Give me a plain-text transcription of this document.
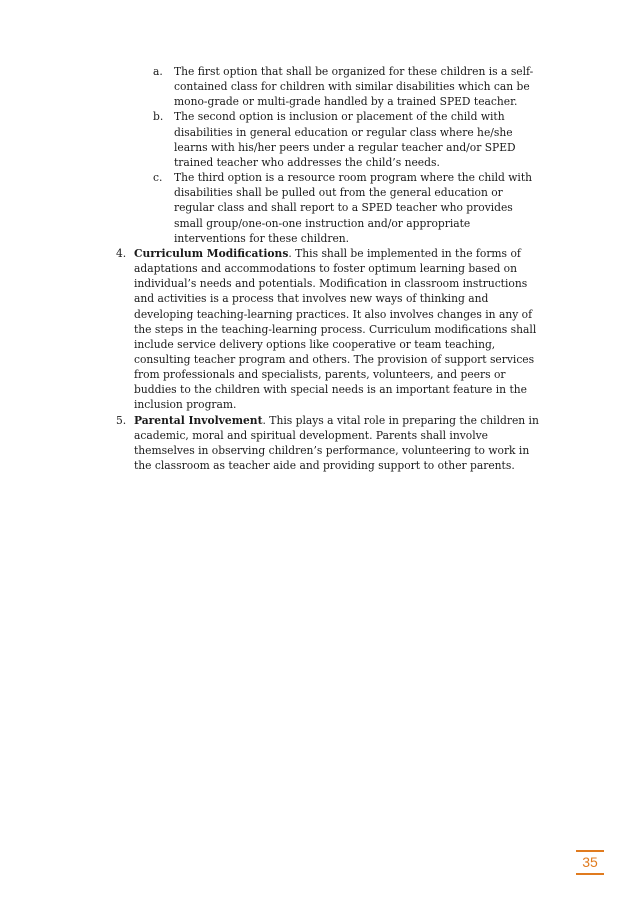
a. The first option that shall be organized for these children is a self-contained class for children with similar disabilities which can be mono-grade or multi-grade handled by a trained SPED teacher.
b. The second option is inclusion or placement of the child with disabilities in general education or regular class where he/she learns with his/her peers under a regular teacher and/or SPED trained teacher who addresses the child’s needs.
c. The third option is a resource room program where the child with disabilities shall be pulled out from the general education or regular class and shall report to a SPED teacher who provides small group/one-on-one instruction and/or appropriate interventions for these children.
4. Curriculum Modifications. This shall be implemented in the forms of adaptations and accommodations to foster optimum learning based on individual’s needs and potentials. Modification in classroom instructions and activities is a process that involves new ways of thinking and developing teaching-learning practices. It also involves changes in any of the steps in the teaching-learning process. Curriculum modifications shall include service delivery options like cooperative or team teaching, consulting teacher program and others. The provision of support services from professionals and specialists, parents, volunteers, and peers or buddies to the children with special needs is an important feature in the inclusion program.
5. Parental Involvement. This plays a vital role in preparing the children in academic, moral and spiritual development. Parents shall involve themselves in observing children’s performance, volunteering to work in the classroom as teacher aide and providing support to other parents.
35
